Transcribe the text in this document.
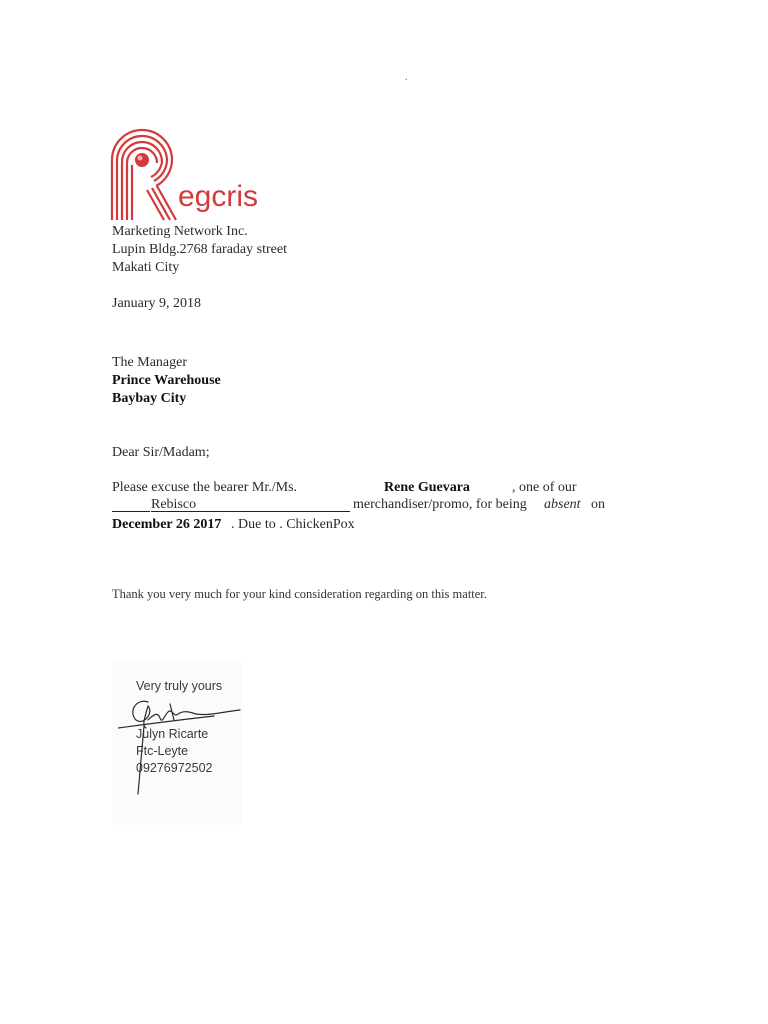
.
egcris
Marketing Network Inc.
Lupin Bldg.2768 faraday street
Makati City
January 9, 2018
The Manager
Prince Warehouse
Baybay City
Dear Sir/Madam;
Please excuse the bearer Mr./Ms.	Rene Guevara	, one of our
Rebisco	merchandiser/promo, for being absent on
December 26 2017 . Due to . ChickenPox
Thank you very much for your kind consideration regarding on this matter.
Very truly yours
Julyn Ricarte
Ftc-Leyte
09276972502
